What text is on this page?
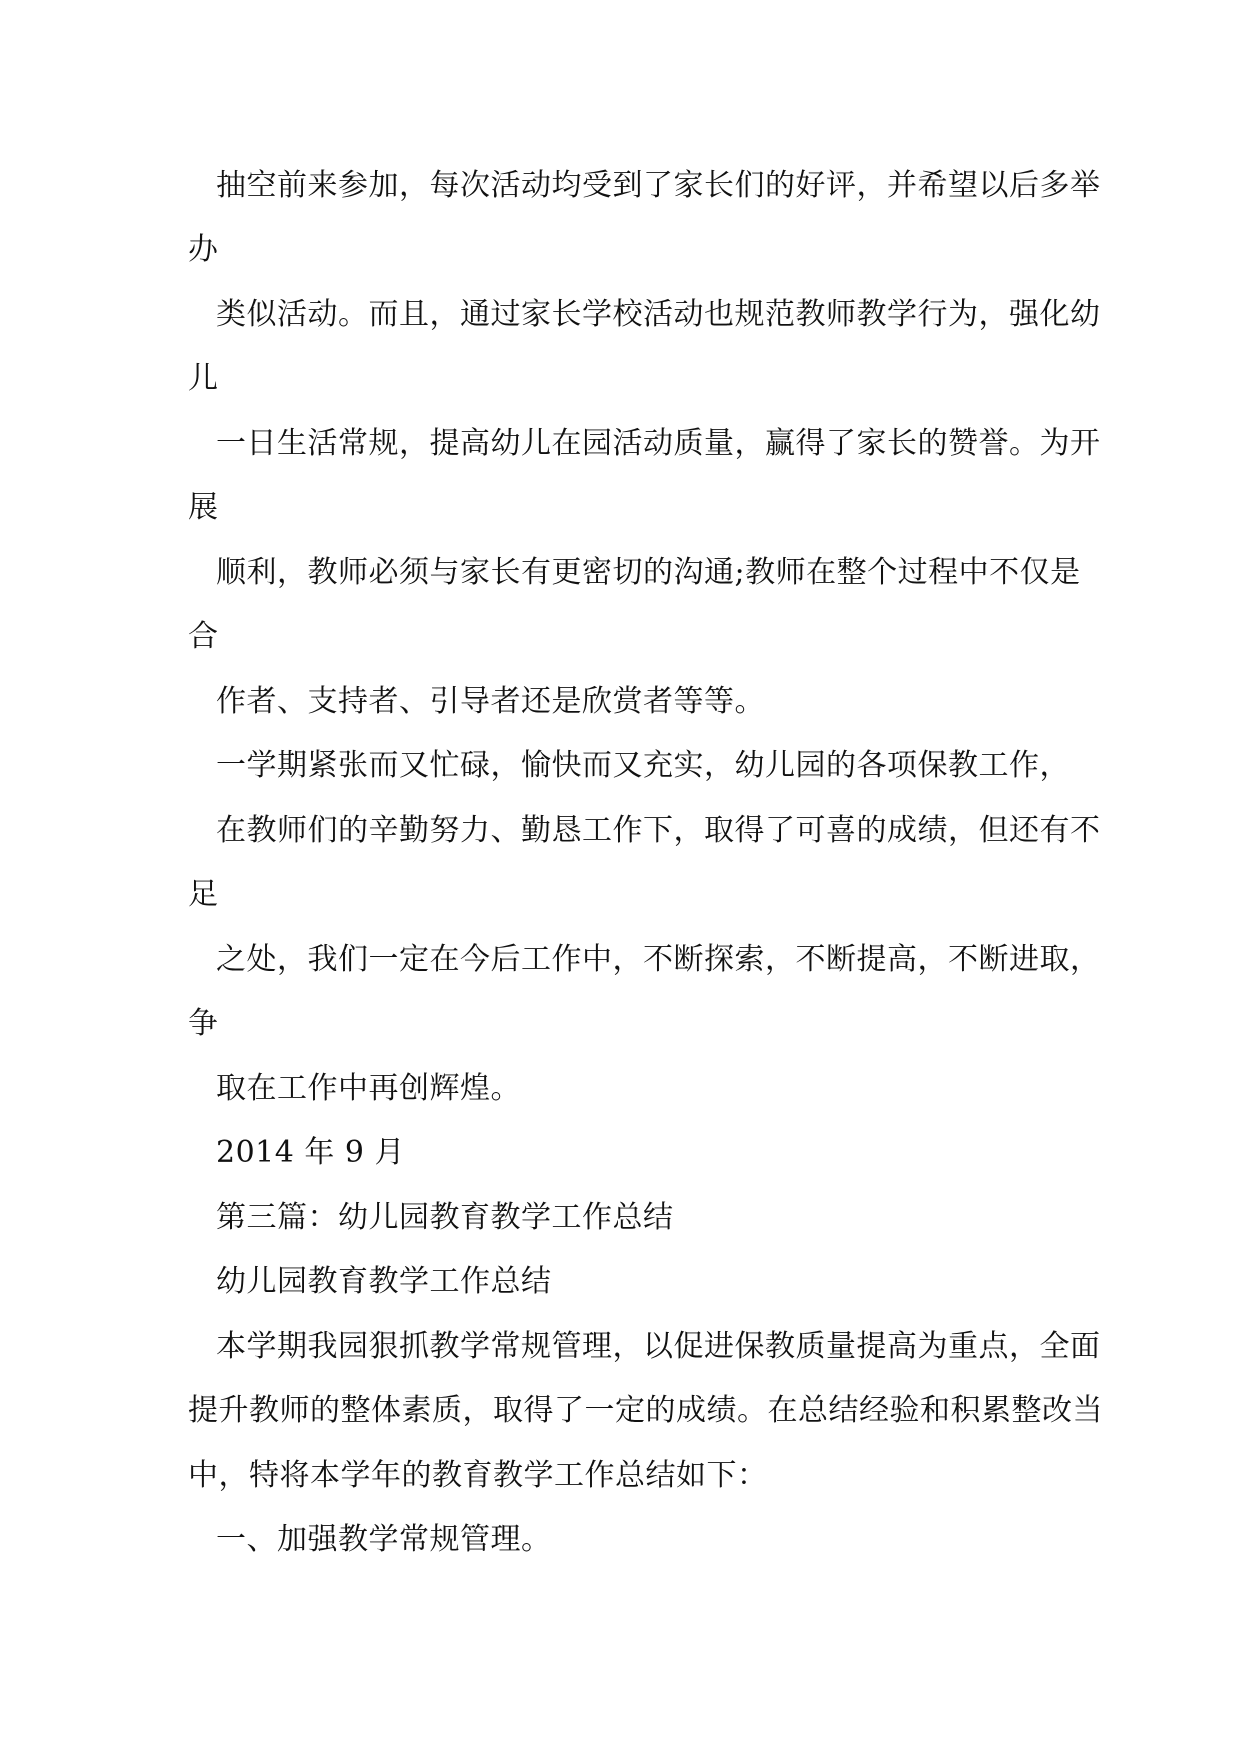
抽空前来参加，每次活动均受到了家长们的好评，并希望以后多举
办
类似活动。而且，通过家长学校活动也规范教师教学行为，强化幼
儿
一日生活常规，提高幼儿在园活动质量，赢得了家长的赞誉。为开
展
顺利，教师必须与家长有更密切的沟通;教师在整个过程中不仅是
合
作者、支持者、引导者还是欣赏者等等。
一学期紧张而又忙碌，愉快而又充实，幼儿园的各项保教工作，
在教师们的辛勤努力、勤恳工作下，取得了可喜的成绩，但还有不
足
之处，我们一定在今后工作中，不断探索，不断提高，不断进取，
争
取在工作中再创辉煌。
2014 年 9 月
第三篇：幼儿园教育教学工作总结
幼儿园教育教学工作总结
本学期我园狠抓教学常规管理，以促进保教质量提高为重点，全面
提升教师的整体素质，取得了一定的成绩。在总结经验和积累整改当
中，特将本学年的教育教学工作总结如下：
一、加强教学常规管理。
